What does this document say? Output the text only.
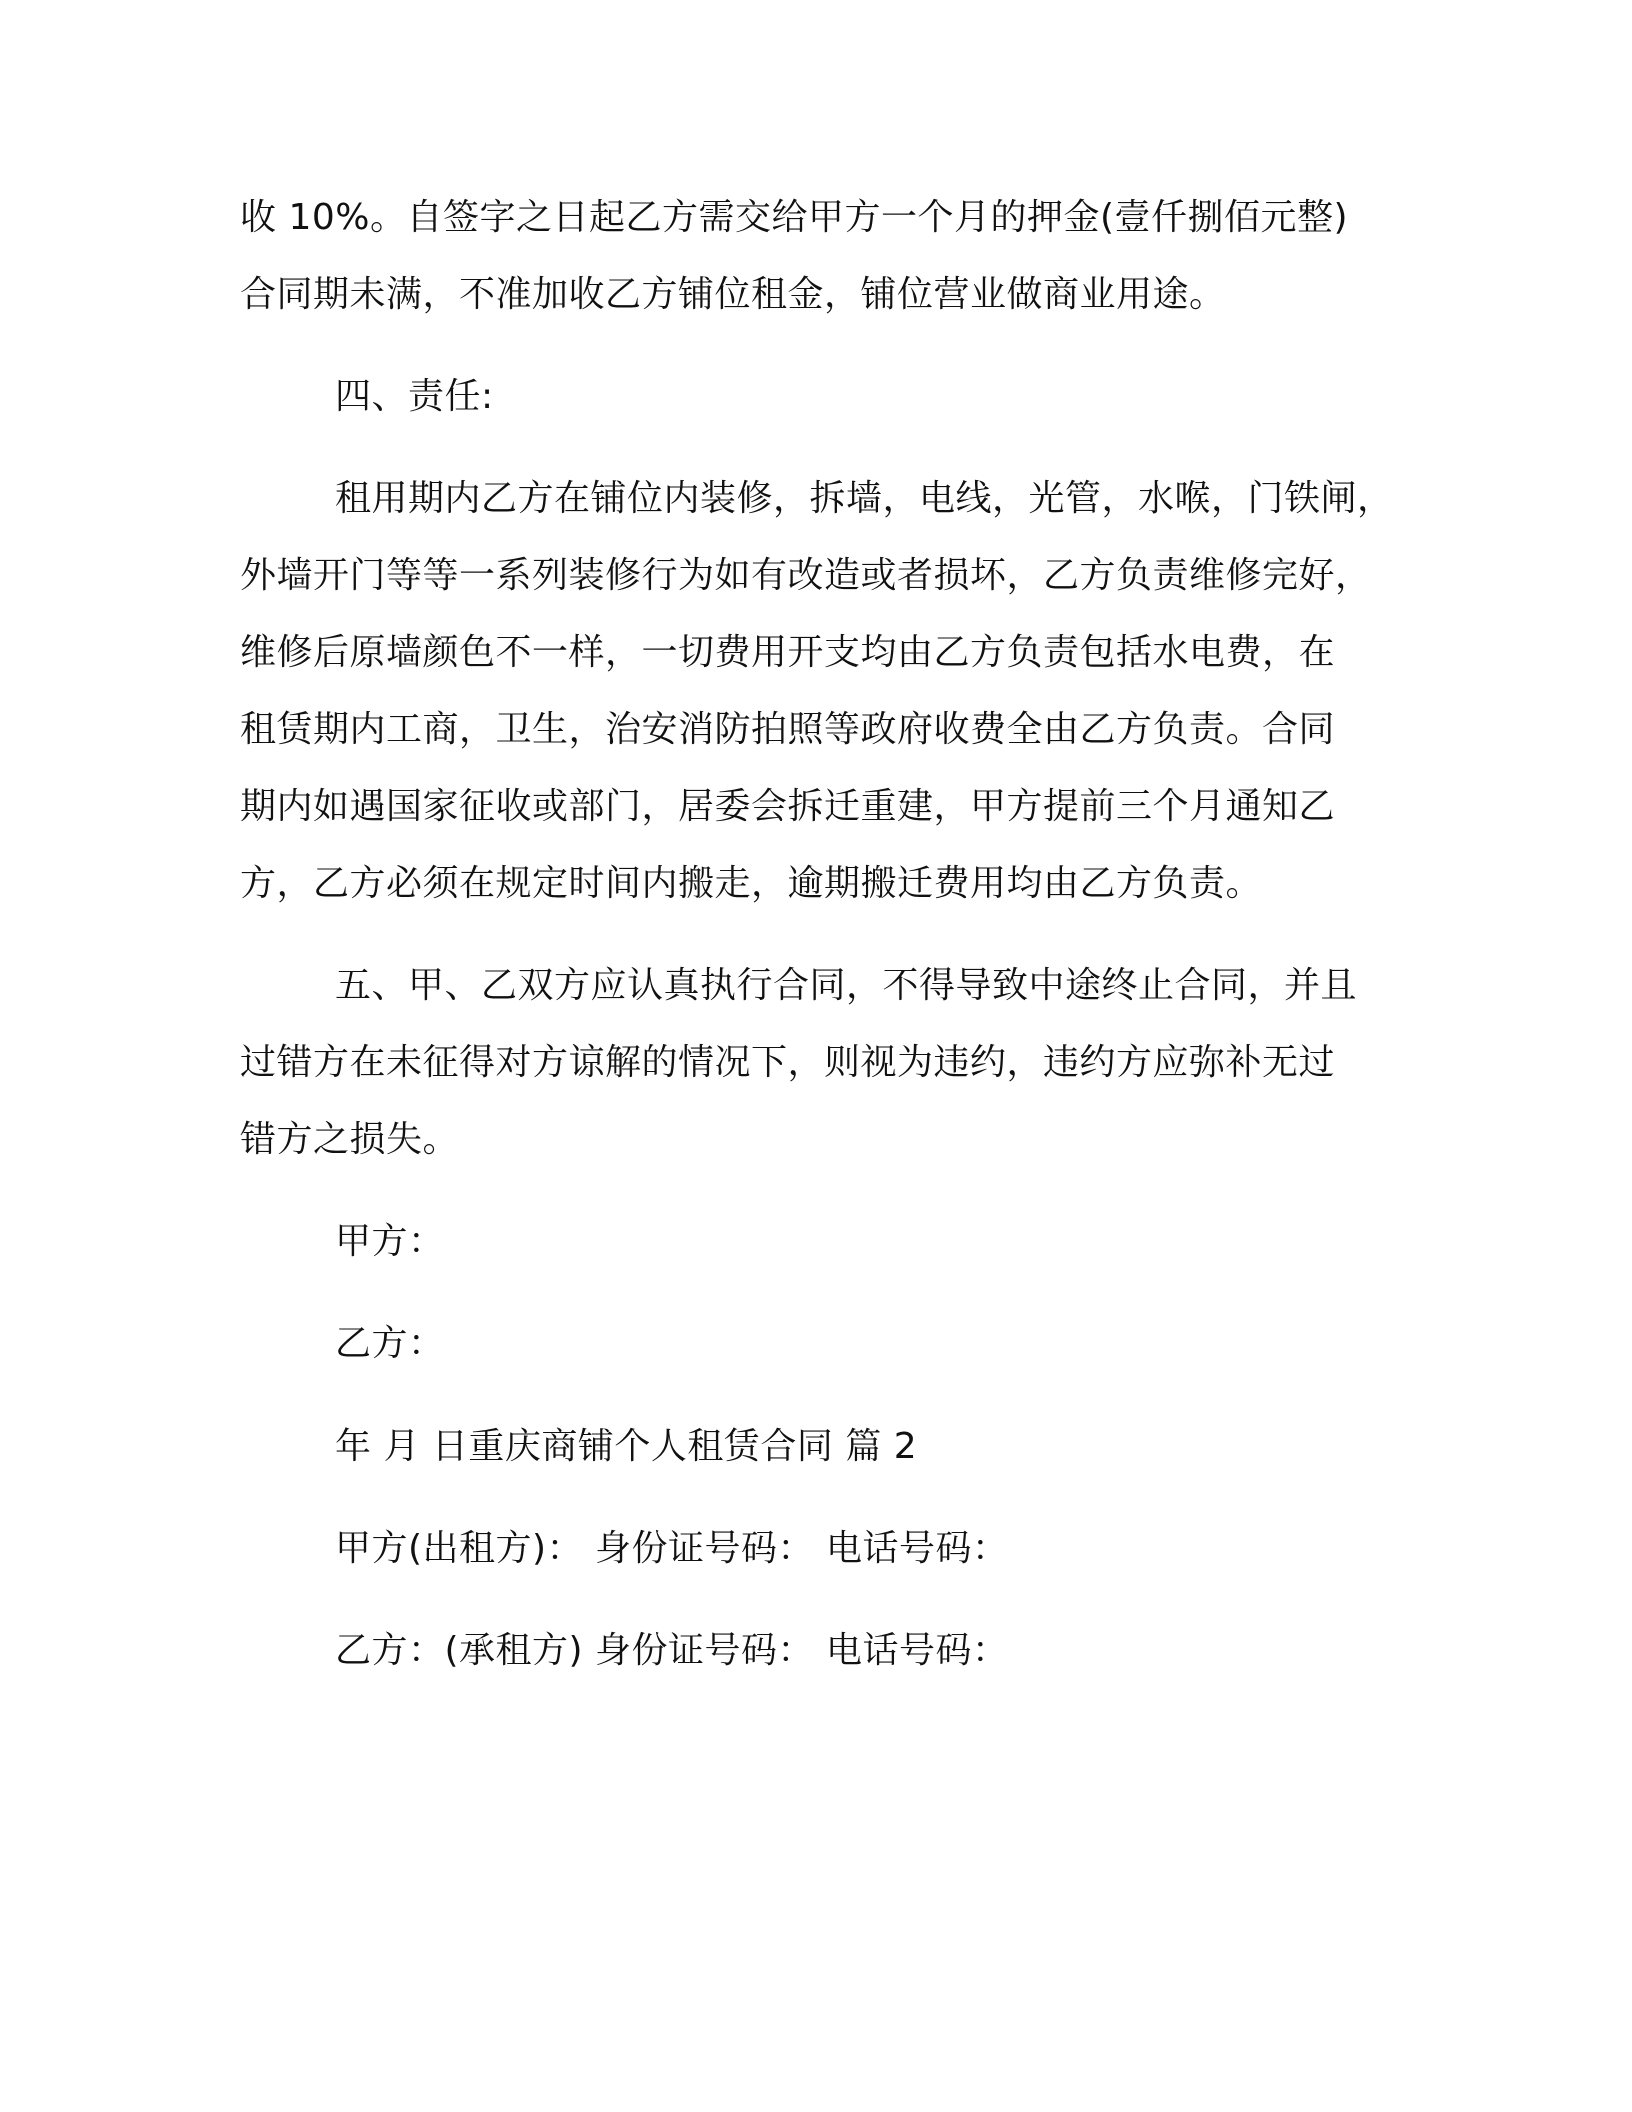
收 10%。自签字之日起乙方需交给甲方一个月的押金(壹仟捌佰元整)

合同期未满，不准加收乙方铺位租金，铺位营业做商业用途。

四、责任:

租用期内乙方在铺位内装修，拆墙，电线，光管，水喉，门铁闸，

外墙开门等等一系列装修行为如有改造或者损坏，乙方负责维修完好，

维修后原墙颜色不一样，一切费用开支均由乙方负责包括水电费，在

租赁期内工商，卫生，治安消防拍照等政府收费全由乙方负责。合同

期内如遇国家征收或部门，居委会拆迁重建，甲方提前三个月通知乙

方，乙方必须在规定时间内搬走，逾期搬迁费用均由乙方负责。

五、甲、乙双方应认真执行合同，不得导致中途终止合同，并且

过错方在未征得对方谅解的情况下，则视为违约，违约方应弥补无过

错方之损失。

甲方：

乙方：

年 月 日重庆商铺个人租赁合同 篇 2

甲方(出租方)： 身份证号码： 电话号码：

乙方：(承租方) 身份证号码： 电话号码：
